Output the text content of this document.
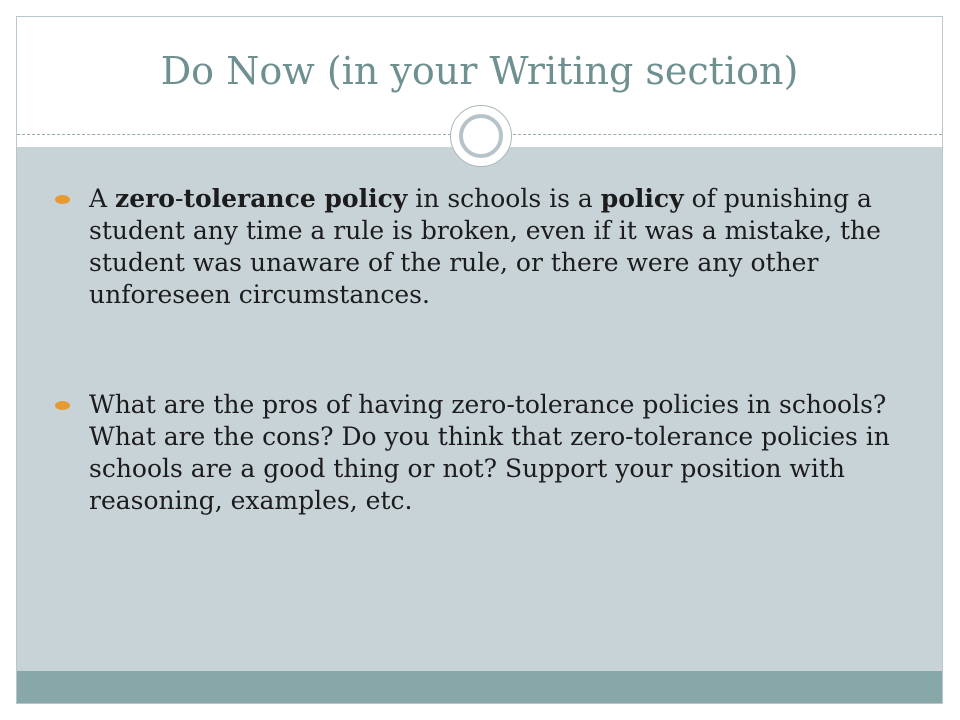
Do Now (in your Writing section)
A zero-tolerance policy in schools is a policy of punishing a student any time a rule is broken, even if it was a mistake, the student was unaware of the rule, or there were any other unforeseen circumstances.
What are the pros of having zero-tolerance policies in schools? What are the cons? Do you think that zero-tolerance policies in schools are a good thing or not? Support your position with reasoning, examples, etc.
